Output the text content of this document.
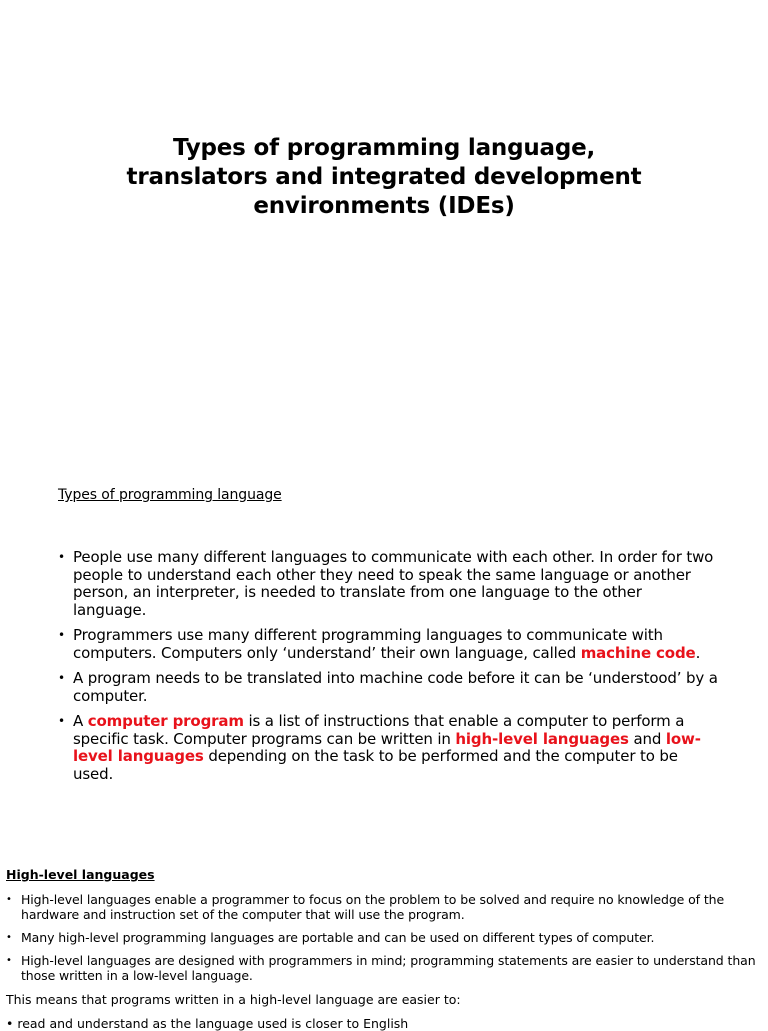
Types of programming language,
translators and integrated development
environments (IDEs)
Types of programming language
• People use many different languages to communicate with each other. In order for two people to understand each other they need to speak the same language or another person, an interpreter, is needed to translate from one language to the other language.
• Programmers use many different programming languages to communicate with computers. Computers only ‘understand’ their own language, called machine code.
• A program needs to be translated into machine code before it can be ‘understood’ by a computer.
• A computer program is a list of instructions that enable a computer to perform a specific task. Computer programs can be written in high-level languages and low-level languages depending on the task to be performed and the computer to be used.
High-level languages
• High-level languages enable a programmer to focus on the problem to be solved and require no knowledge of the hardware and instruction set of the computer that will use the program.
• Many high-level programming languages are portable and can be used on different types of computer.
• High-level languages are designed with programmers in mind; programming statements are easier to understand than those written in a low-level language.
This means that programs written in a high-level language are easier to:
• read and understand as the language used is closer to English
